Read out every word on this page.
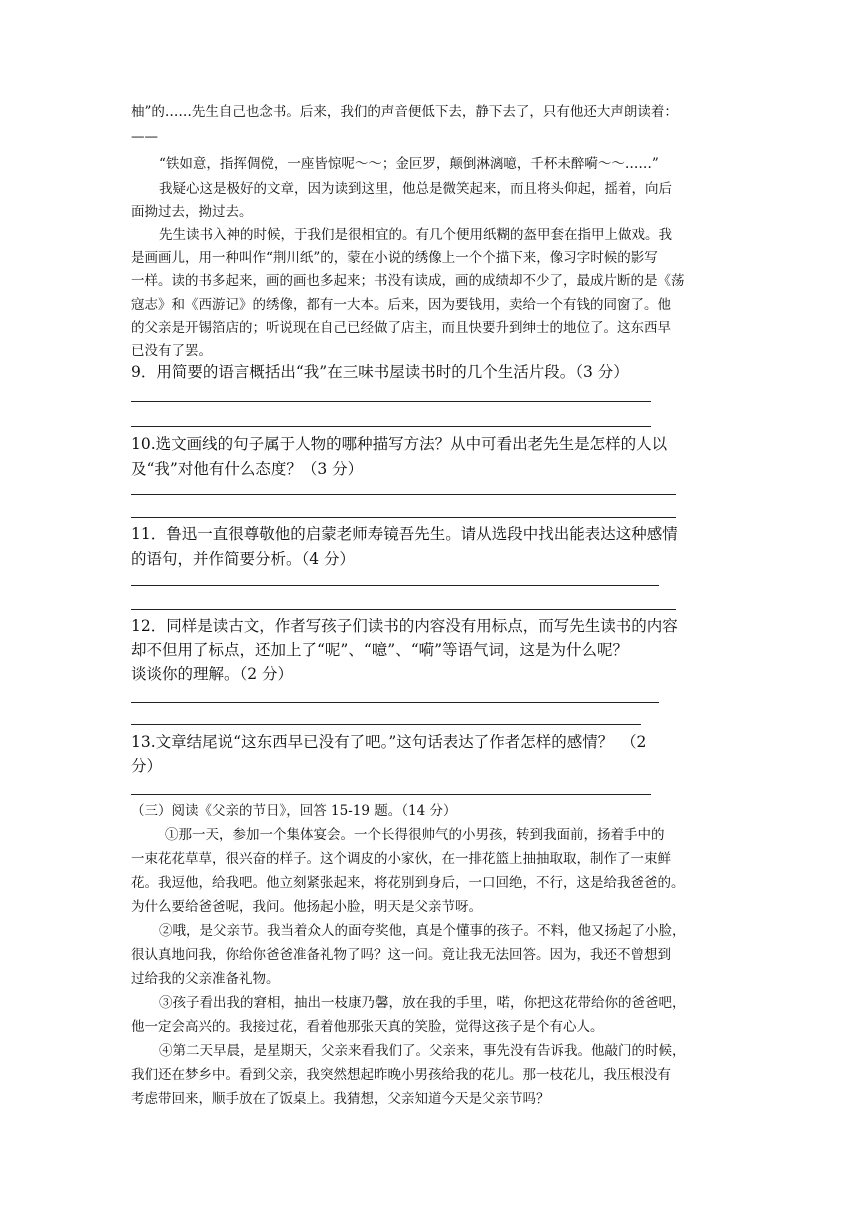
柚”的……先生自己也念书。后来，我们的声音便低下去，静下去了，只有他还大声朗读着：
——
“铁如意，指挥倜傥，一座皆惊呢～～；金叵罗，颠倒淋漓噫，千杯未醉嗬～～……”
我疑心这是极好的文章，因为读到这里，他总是微笑起来，而且将头仰起，摇着，向后
面拗过去，拗过去。
先生读书入神的时候，于我们是很相宜的。有几个便用纸糊的盔甲套在指甲上做戏。我
是画画儿，用一种叫作“荆川纸”的，蒙在小说的绣像上一个个描下来，像习字时候的影写
一样。读的书多起来，画的画也多起来；书没有读成，画的成绩却不少了，最成片断的是《荡
寇志》和《西游记》的绣像，都有一大本。后来，因为要钱用，卖给一个有钱的同窗了。他
的父亲是开锡箔店的；听说现在自己已经做了店主，而且快要升到绅士的地位了。这东西早
已没有了罢。
9．用简要的语言概括出“我”在三味书屋读书时的几个生活片段。（3 分）
10.选文画线的句子属于人物的哪种描写方法？从中可看出老先生是怎样的人以
及“我”对他有什么态度？（3 分）
11．鲁迅一直很尊敬他的启蒙老师寿镜吾先生。请从选段中找出能表达这种感情
的语句，并作简要分析。（4 分）
12．同样是读古文，作者写孩子们读书的内容没有用标点，而写先生读书的内容
却不但用了标点，还加上了“呢”、“噫”、“嗬”等语气词，这是为什么呢？
谈谈你的理解。（2 分）
13.文章结尾说“这东西早已没有了吧。”这句话表达了作者怎样的感情？　（2
分）
（三）阅读《父亲的节日》，回答 15-19 题。（14 分）
①那一天，参加一个集体宴会。一个长得很帅气的小男孩，转到我面前，扬着手中的
一束花花草草，很兴奋的样子。这个调皮的小家伙，在一排花篮上抽抽取取，制作了一束鲜
花。我逗他，给我吧。他立刻紧张起来，将花别到身后，一口回绝，不行，这是给我爸爸的。
为什么要给爸爸呢，我问。他扬起小脸，明天是父亲节呀。
②哦，是父亲节。我当着众人的面夸奖他，真是个懂事的孩子。不料，他又扬起了小脸，
很认真地问我，你给你爸爸准备礼物了吗？这一问。竟让我无法回答。因为，我还不曾想到
过给我的父亲准备礼物。
③孩子看出我的窘相，抽出一枝康乃馨，放在我的手里，喏，你把这花带给你的爸爸吧，
他一定会高兴的。我接过花，看着他那张天真的笑脸，觉得这孩子是个有心人。
④第二天早晨，是星期天，父亲来看我们了。父亲来，事先没有告诉我。他敲门的时候，
我们还在梦乡中。看到父亲，我突然想起昨晚小男孩给我的花儿。那一枝花儿，我压根没有
考虑带回来，顺手放在了饭桌上。我猜想，父亲知道今天是父亲节吗？
